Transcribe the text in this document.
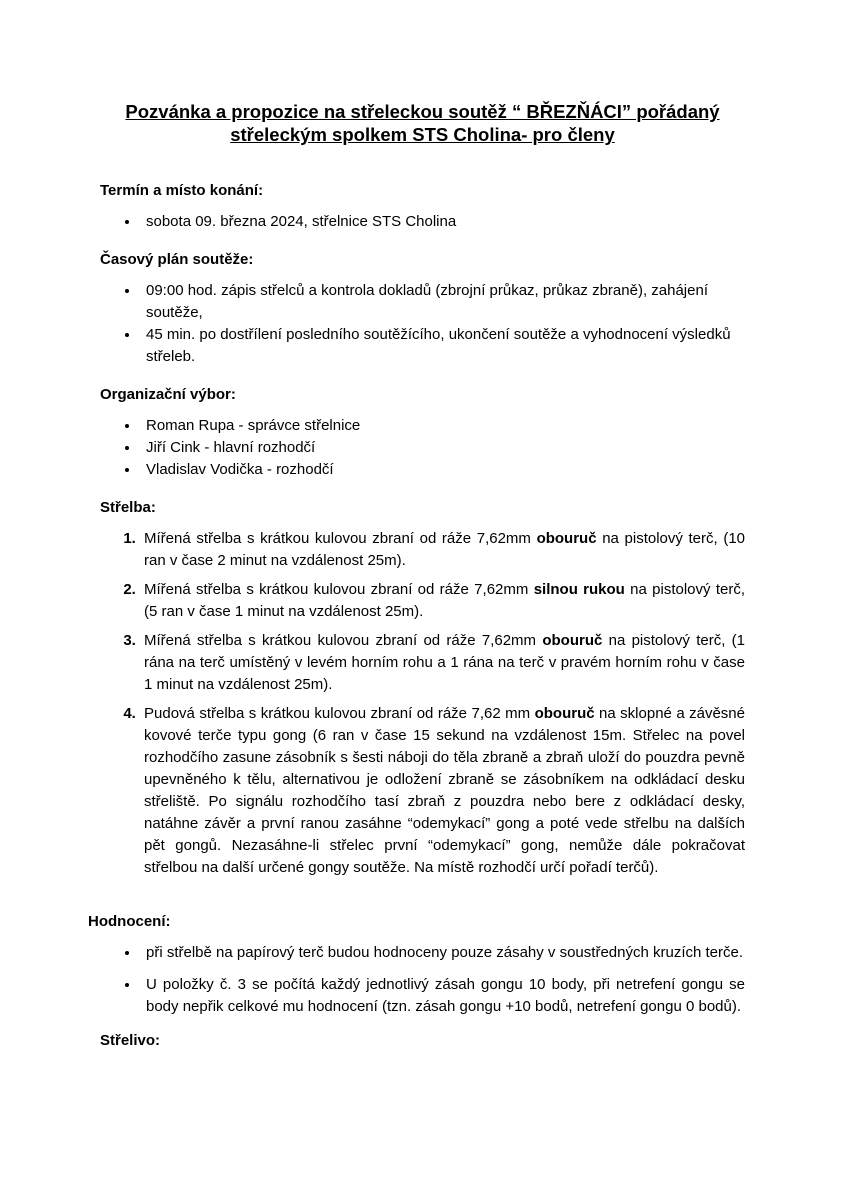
Pozvánka a propozice na střeleckou soutěž “ BŘEZŇÁCI” pořádaný
střeleckým spolkem STS Cholina- pro členy
Termín a místo konání:
• sobota 09. března 2024, střelnice STS Cholina
Časový plán soutěže:
• 09:00 hod. zápis střelců a kontrola dokladů (zbrojní průkaz, průkaz zbraně), zahájení soutěže,
• 45 min. po dostřílení posledního soutěžícího, ukončení soutěže a vyhodnocení výsledků střeleb.
Organizační výbor:
• Roman Rupa - správce střelnice
• Jiří Cink - hlavní rozhodčí
• Vladislav Vodička - rozhodčí
Střelba:
1. Mířená střelba s krátkou kulovou zbraní od ráže 7,62mm obouruč na pistolový terč, (10 ran v čase 2 minut na vzdálenost 25m).
2. Mířená střelba s krátkou kulovou zbraní od ráže 7,62mm silnou rukou na pistolový terč, (5 ran v čase 1 minut na vzdálenost 25m).
3. Mířená střelba s krátkou kulovou zbraní od ráže 7,62mm obouruč na pistolový terč, (1 rána na terč umístěný v levém horním rohu a 1 rána na terč v pravém horním rohu v čase 1 minut na vzdálenost 25m).
4. Pudová střelba s krátkou kulovou zbraní od ráže 7,62 mm obouruč na sklopné a závěsné kovové terče typu gong (6 ran v čase 15 sekund na vzdálenost 15m. Střelec na povel rozhodčího zasune zásobník s šesti náboji do těla zbraně a zbraň uloží do pouzdra pevně upevněného k tělu, alternativou je odložení zbraně se zásobníkem na odkládací desku střeliště. Po signálu rozhodčího tasí zbraň z pouzdra nebo bere z odkládací desky, natáhne závěr a první ranou zasáhne “odemykací” gong a poté vede střelbu na dalších pět gongů. Nezasáhne-li střelec první “odemykací” gong, nemůže dále pokračovat střelbou na další určené gongy soutěže. Na místě rozhodčí určí pořadí terčů).
Hodnocení:
• při střelbě na papírový terč budou hodnoceny pouze zásahy v soustředných kruzích terče.
• U položky č. 3 se počítá každý jednotlivý zásah gongu 10 body, při netrefení gongu se body nepřik celkové mu hodnocení (tzn. zásah gongu +10 bodů, netrefení gongu 0 bodů).
Střelivo:
